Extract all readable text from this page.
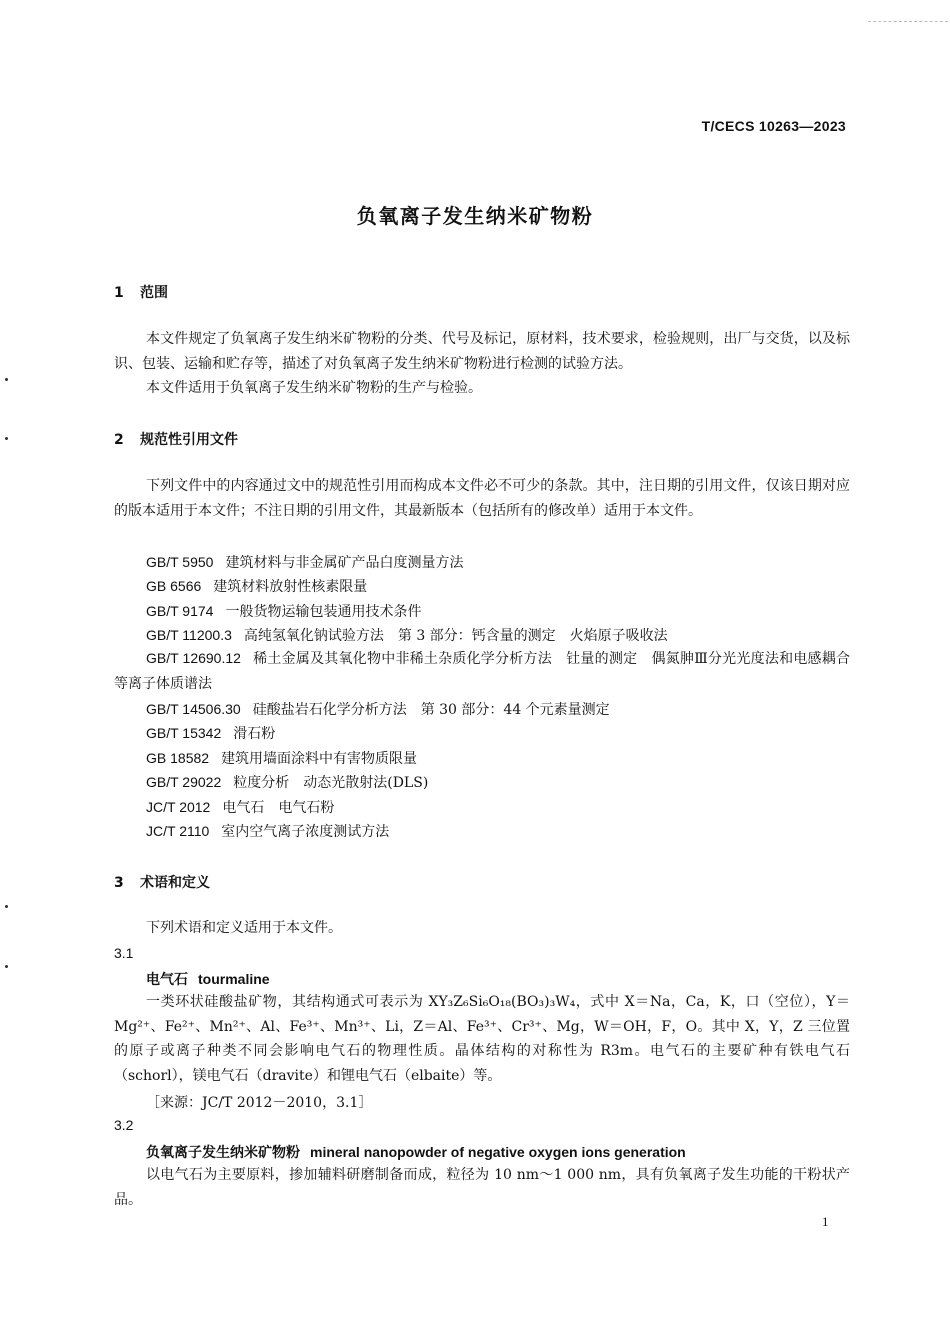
T/CECS 10263—2023
负氧离子发生纳米矿物粉
1 范围
本文件规定了负氧离子发生纳米矿物粉的分类、代号及标记，原材料，技术要求，检验规则，出厂与交货，以及标识、包装、运输和贮存等，描述了对负氧离子发生纳米矿物粉进行检测的试验方法。
本文件适用于负氧离子发生纳米矿物粉的生产与检验。
2 规范性引用文件
下列文件中的内容通过文中的规范性引用而构成本文件必不可少的条款。其中，注日期的引用文件，仅该日期对应的版本适用于本文件；不注日期的引用文件，其最新版本（包括所有的修改单）适用于本文件。
GB/T 5950 建筑材料与非金属矿产品白度测量方法
GB 6566 建筑材料放射性核素限量
GB/T 9174 一般货物运输包装通用技术条件
GB/T 11200.3 高纯氢氧化钠试验方法　第 3 部分：钙含量的测定　火焰原子吸收法
GB/T 12690.12 稀土金属及其氧化物中非稀土杂质化学分析方法　钍量的测定　偶氮胂Ⅲ分光光度法和电感耦合等离子体质谱法
GB/T 14506.30 硅酸盐岩石化学分析方法　第 30 部分：44 个元素量测定
GB/T 15342 滑石粉
GB 18582 建筑用墙面涂料中有害物质限量
GB/T 29022 粒度分析　动态光散射法(DLS)
JC/T 2012 电气石　电气石粉
JC/T 2110 室内空气离子浓度测试方法
3 术语和定义
下列术语和定义适用于本文件。
3.1
电气石 tourmaline
一类环状硅酸盐矿物，其结构通式可表示为 XY₃Z₆Si₆O₁₈(BO₃)₃W₄，式中 X＝Na，Ca，K，口（空位），Y＝Mg²⁺、Fe²⁺、Mn²⁺、Al、Fe³⁺、Mn³⁺、Li，Z＝Al、Fe³⁺、Cr³⁺、Mg，W＝OH，F，O。其中 X，Y，Z 三位置的原子或离子种类不同会影响电气石的物理性质。晶体结构的对称性为 R3m。电气石的主要矿种有铁电气石（schorl），镁电气石（dravite）和锂电气石（elbaite）等。
［来源：JC/T 2012－2010，3.1］
3.2
负氧离子发生纳米矿物粉 mineral nanopowder of negative oxygen ions generation
以电气石为主要原料，掺加辅料研磨制备而成，粒径为 10 nm～1 000 nm，具有负氧离子发生功能的干粉状产品。
1
